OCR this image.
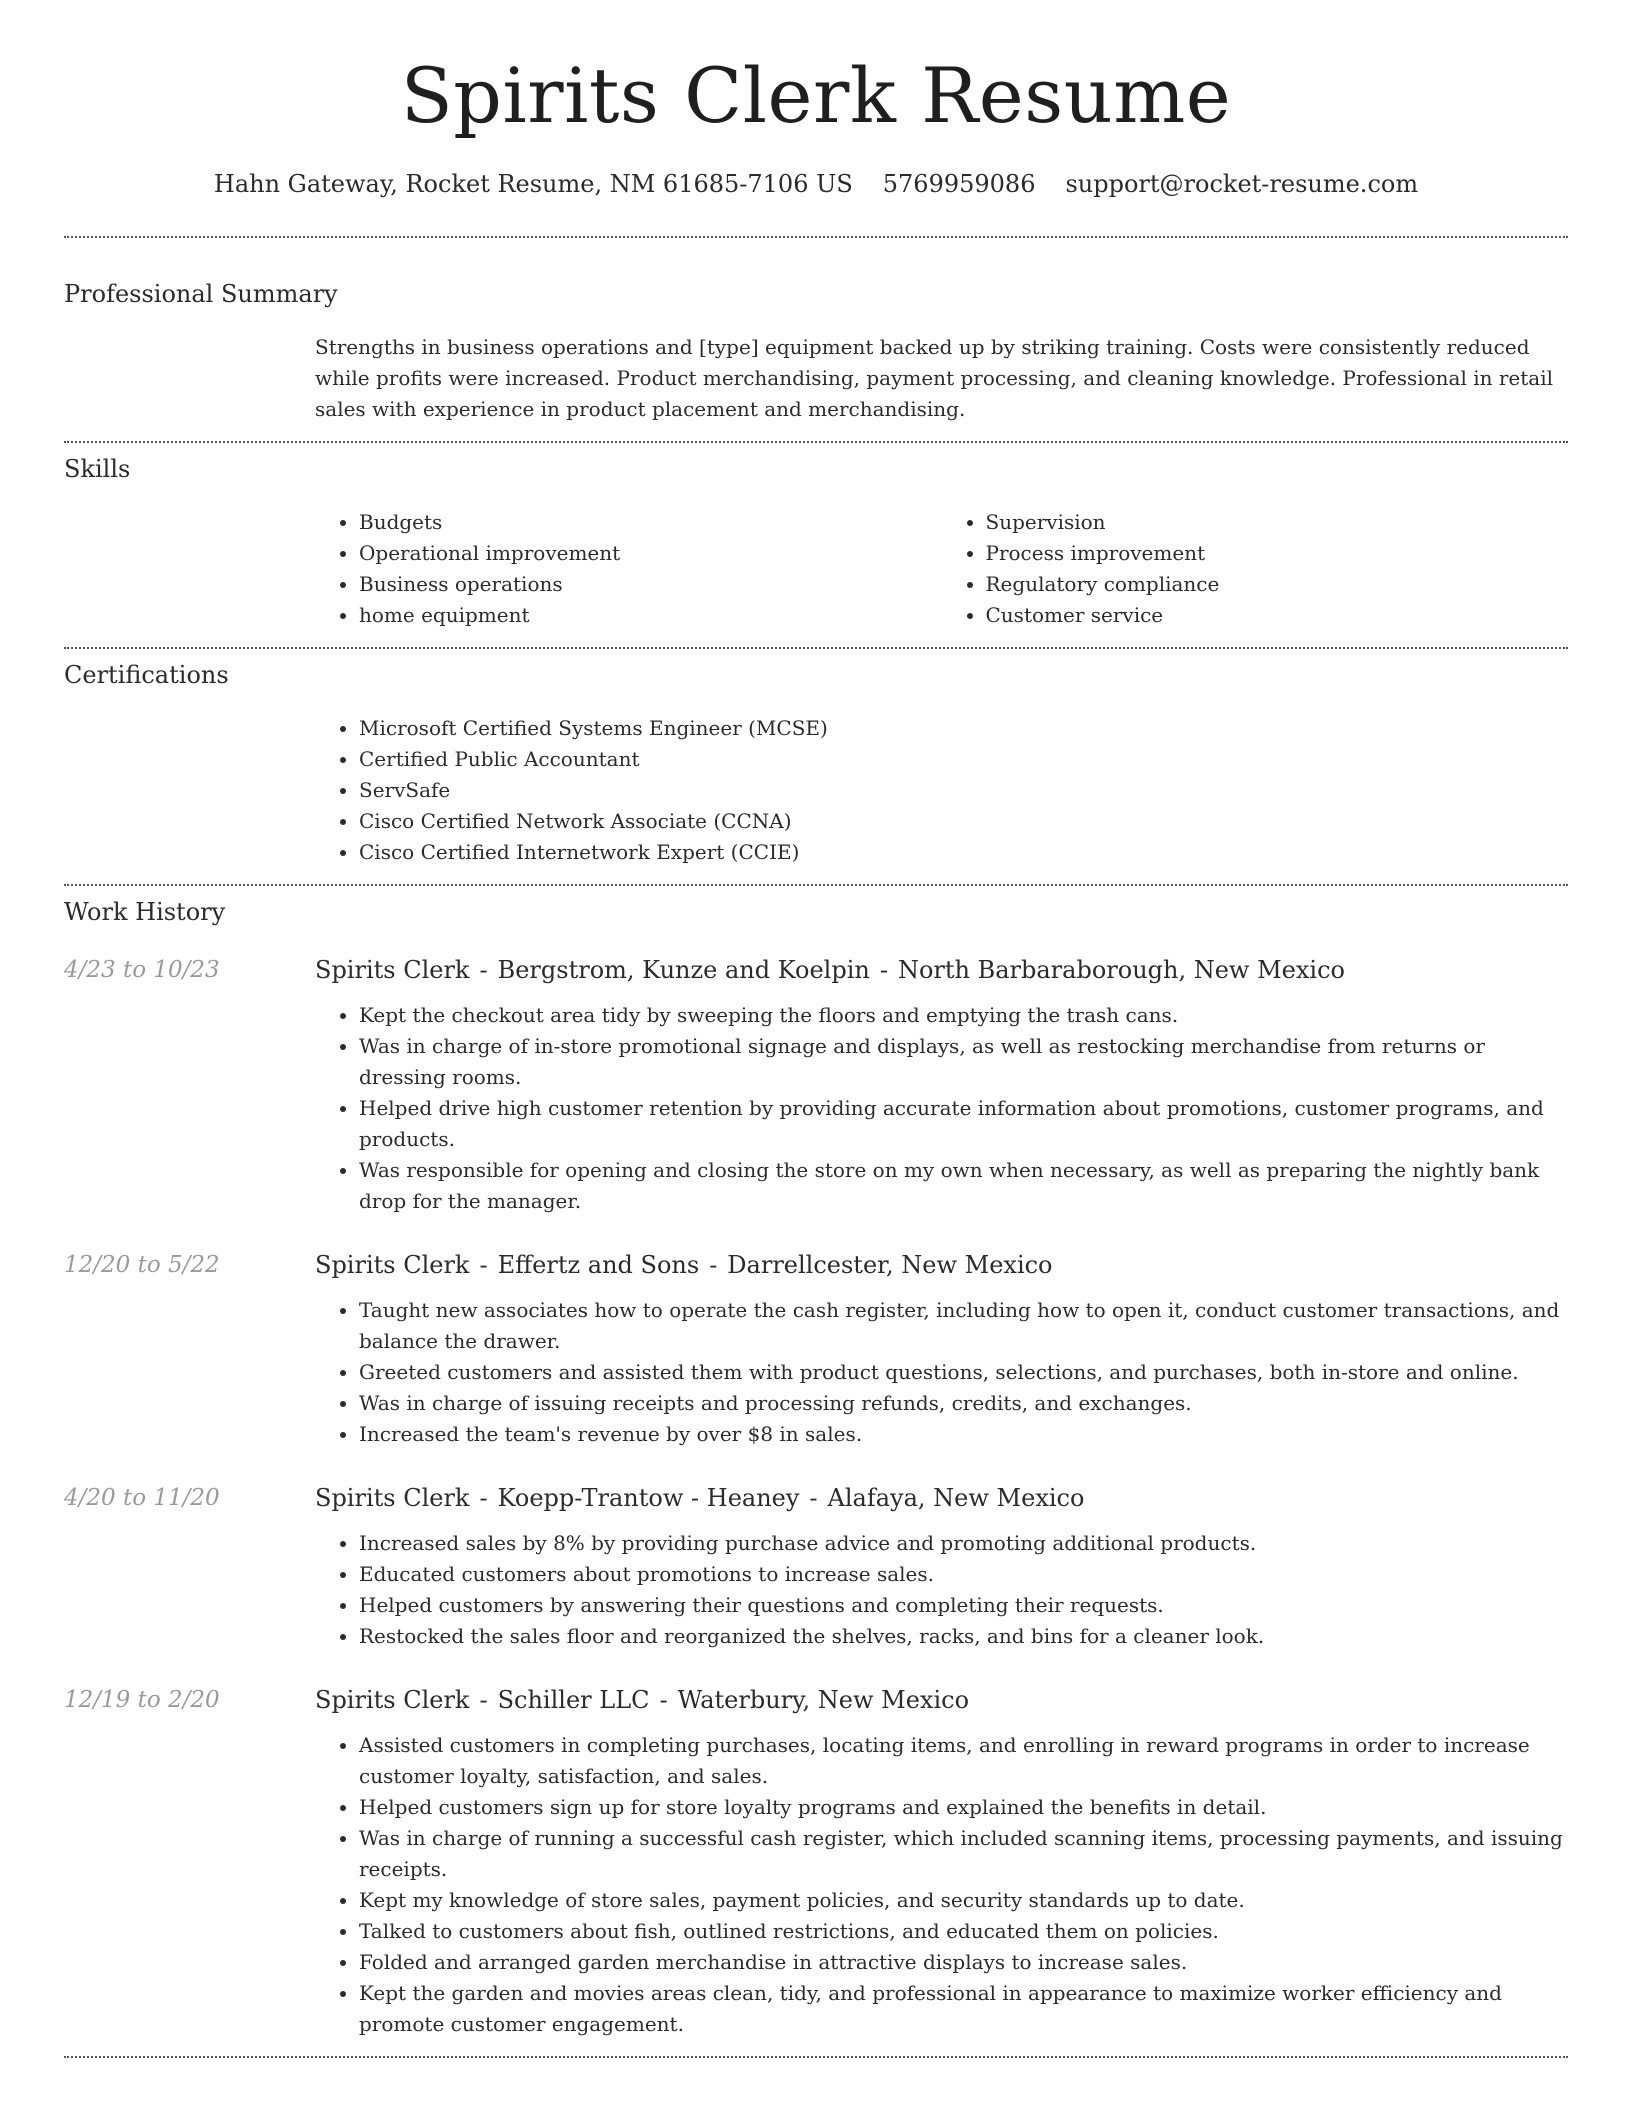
Spirits Clerk Resume
Hahn Gateway, Rocket Resume, NM 61685-7106 US 5769959086 support@rocket-resume.com
Professional Summary

Strengths in business operations and [type] equipment backed up by striking training. Costs were consistently reduced while profits were increased. Product merchandising, payment processing, and cleaning knowledge. Professional in retail sales with experience in product placement and merchandising.

Skills
• Budgets
• Operational improvement
• Business operations
• home equipment
• Supervision
• Process improvement
• Regulatory compliance
• Customer service
Certifications
• Microsoft Certified Systems Engineer (MCSE)
• Certified Public Accountant
• ServSafe
• Cisco Certified Network Associate (CCNA)
• Cisco Certified Internetwork Expert (CCIE)
Work History
4/23 to 10/23	Spirits Clerk - Bergstrom, Kunze and Koelpin - North Barbaraborough, New Mexico

• Kept the checkout area tidy by sweeping the floors and emptying the trash cans.
• Was in charge of in-store promotional signage and displays, as well as restocking merchandise from returns or dressing rooms.
• Helped drive high customer retention by providing accurate information about promotions, customer programs, and products.
• Was responsible for opening and closing the store on my own when necessary, as well as preparing the nightly bank drop for the manager.
12/20 to 5/22	Spirits Clerk - Effertz and Sons - Darrellcester, New Mexico

• Taught new associates how to operate the cash register, including how to open it, conduct customer transactions, and balance the drawer.
• Greeted customers and assisted them with product questions, selections, and purchases, both in-store and online.
• Was in charge of issuing receipts and processing refunds, credits, and exchanges.
• Increased the team's revenue by over $8 in sales.
4/20 to 11/20	Spirits Clerk - Koepp-Trantow - Heaney - Alafaya, New Mexico

• Increased sales by 8% by providing purchase advice and promoting additional products.
• Educated customers about promotions to increase sales.
• Helped customers by answering their questions and completing their requests.
• Restocked the sales floor and reorganized the shelves, racks, and bins for a cleaner look.
12/19 to 2/20	Spirits Clerk - Schiller LLC - Waterbury, New Mexico

• Assisted customers in completing purchases, locating items, and enrolling in reward programs in order to increase customer loyalty, satisfaction, and sales.
• Helped customers sign up for store loyalty programs and explained the benefits in detail.
• Was in charge of running a successful cash register, which included scanning items, processing payments, and issuing receipts.
• Kept my knowledge of store sales, payment policies, and security standards up to date.
• Talked to customers about fish, outlined restrictions, and educated them on policies.
• Folded and arranged garden merchandise in attractive displays to increase sales.
• Kept the garden and movies areas clean, tidy, and professional in appearance to maximize worker efficiency and promote customer engagement.
